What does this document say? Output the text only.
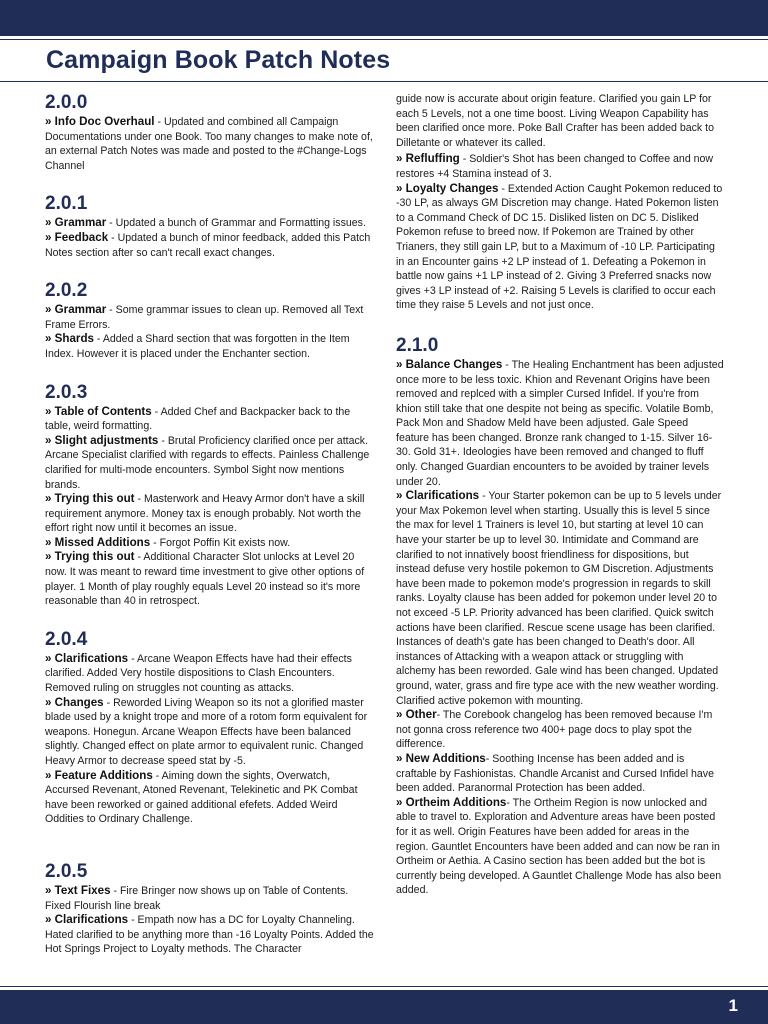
Campaign Book Patch Notes
2.0.0

» Info Doc Overhaul - Updated and combined all Campaign Documentations under one Book. Too many changes to make note of, an external Patch Notes was made and posted to the #Change-Logs Channel

2.0.1

» Grammar - Updated a bunch of Grammar and Formatting issues.

» Feedback - Updated a bunch of minor feedback, added this Patch Notes section after so can't recall exact changes.

2.0.2

» Grammar - Some grammar issues to clean up. Removed all Text Frame Errors.

» Shards - Added a Shard section that was forgotten in the Item Index. However it is placed under the Enchanter section.

2.0.3

» Table of Contents - Added Chef and Backpacker back to the table, weird formatting.

» Slight adjustments - Brutal Proficiency clarified once per attack. Arcane Specialist clarified with regards to effects. Painless Challenge clarified for multi-mode encounters. Symbol Sight now mentions brands.

» Trying this out - Masterwork and Heavy Armor don't have a skill requirement anymore. Money tax is enough probably. Not worth the effort right now until it becomes an issue.

» Missed Additions - Forgot Poffin Kit exists now.

» Trying this out - Additional Character Slot unlocks at Level 20 now. It was meant to reward time investment to give other options of player. 1 Month of play roughly equals Level 20 instead so it's more reasonable than 40 in retrospect.

2.0.4

» Clarifications - Arcane Weapon Effects have had their effects clarified. Added Very hostile dispositions to Clash Encounters. Removed ruling on struggles not counting as attacks.

» Changes - Reworded Living Weapon so its not a glorified master blade used by a knight trope and more of a rotom form equivalent for weapons. Honegun. Arcane Weapon Effects have been balanced slightly. Changed effect on plate armor to equivalent runic. Changed Heavy Armor to decrease speed stat by -5.

» Feature Additions - Aiming down the sights, Overwatch, Accursed Revenant, Atoned Revenant, Telekinetic and PK Combat have been reworked or gained additional efefets. Added Weird Oddities to Ordinary Challenge.

2.0.5

» Text Fixes - Fire Bringer now shows up on Table of Contents. Fixed Flourish line break

» Clarifications - Empath now has a DC for Loyalty Channeling. Hated clarified to be anything more than -16 Loyalty Points. Added the Hot Springs Project to Loyalty methods. The Character

guide now is accurate about origin feature. Clarified you gain LP for each 5 Levels, not a one time boost. Living Weapon Capability has been clarified once more. Poke Ball Crafter has been added back to Dilletante or whatever its called.

» Refluffing - Soldier's Shot has been changed to Coffee and now restores +4 Stamina instead of 3.

» Loyalty Changes - Extended Action Caught Pokemon reduced to -30 LP, as always GM Discretion may change. Hated Pokemon listen to a Command Check of DC 15. Disliked listen on DC 5. Disliked Pokemon refuse to breed now. If Pokemon are Trained by other Trianers, they still gain LP, but to a Maximum of -10 LP. Participating in an Encounter gains +2 LP instead of 1. Defeating a Pokemon in battle now gains +1 LP instead of 2. Giving 3 Preferred snacks now gives +3 LP instead of +2. Raising 5 Levels is clarified to occur each time they raise 5 Levels and not just once.

2.1.0

» Balance Changes - The Healing Enchantment has been adjusted once more to be less toxic. Khion and Revenant Origins have been removed and replced with a simpler Cursed Infidel. If you're from khion still take that one despite not being as specific. Volatile Bomb, Pack Mon and Shadow Meld have been adjusted. Gale Speed feature has been changed. Bronze rank changed to 1-15. Silver 16-30. Gold 31+. Ideologies have been removed and changed to fluff only. Changed Guardian encounters to be avoided by trainer levels under 20.

» Clarifications - Your Starter pokemon can be up to 5 levels under your Max Pokemon level when starting. Usually this is level 5 since the max for level 1 Trainers is level 10, but starting at level 10 can have your starter be up to level 30. Intimidate and Command are clarified to not innatively boost friendliness for dispositions, but instead defuse very hostile pokemon to GM Discretion. Adjustments have been made to pokemon mode's progression in regards to skill ranks. Loyalty clause has been added for pokemon under level 20 to not exceed -5 LP. Priority advanced has been clarified. Quick switch actions have been clarified. Rescue scene usage has been clarified. Instances of death's gate has been changed to Death's door. All instances of Attacking with a weapon attack or struggling with alchemy has been reworded. Gale wind has been changed. Updated ground, water, grass and fire type ace with the new weather wording. Clarified active pokemon with mounting.

» Other- The Corebook changelog has been removed because I'm not gonna cross reference two 400+ page docs to play spot the difference.

» New Additions- Soothing Incense has been added and is craftable by Fashionistas. Chandle Arcanist and Cursed Infidel have been added. Paranormal Protection has been added.

» Ortheim Additions- The Ortheim Region is now unlocked and able to travel to. Exploration and Adventure areas have been posted for it as well. Origin Features have been added for areas in the region. Gauntlet Encounters have been added and can now be ran in Ortheim or Aethia. A Casino section has been added but the bot is currently being developed. A Gauntlet Challenge Mode has also been added.

1
